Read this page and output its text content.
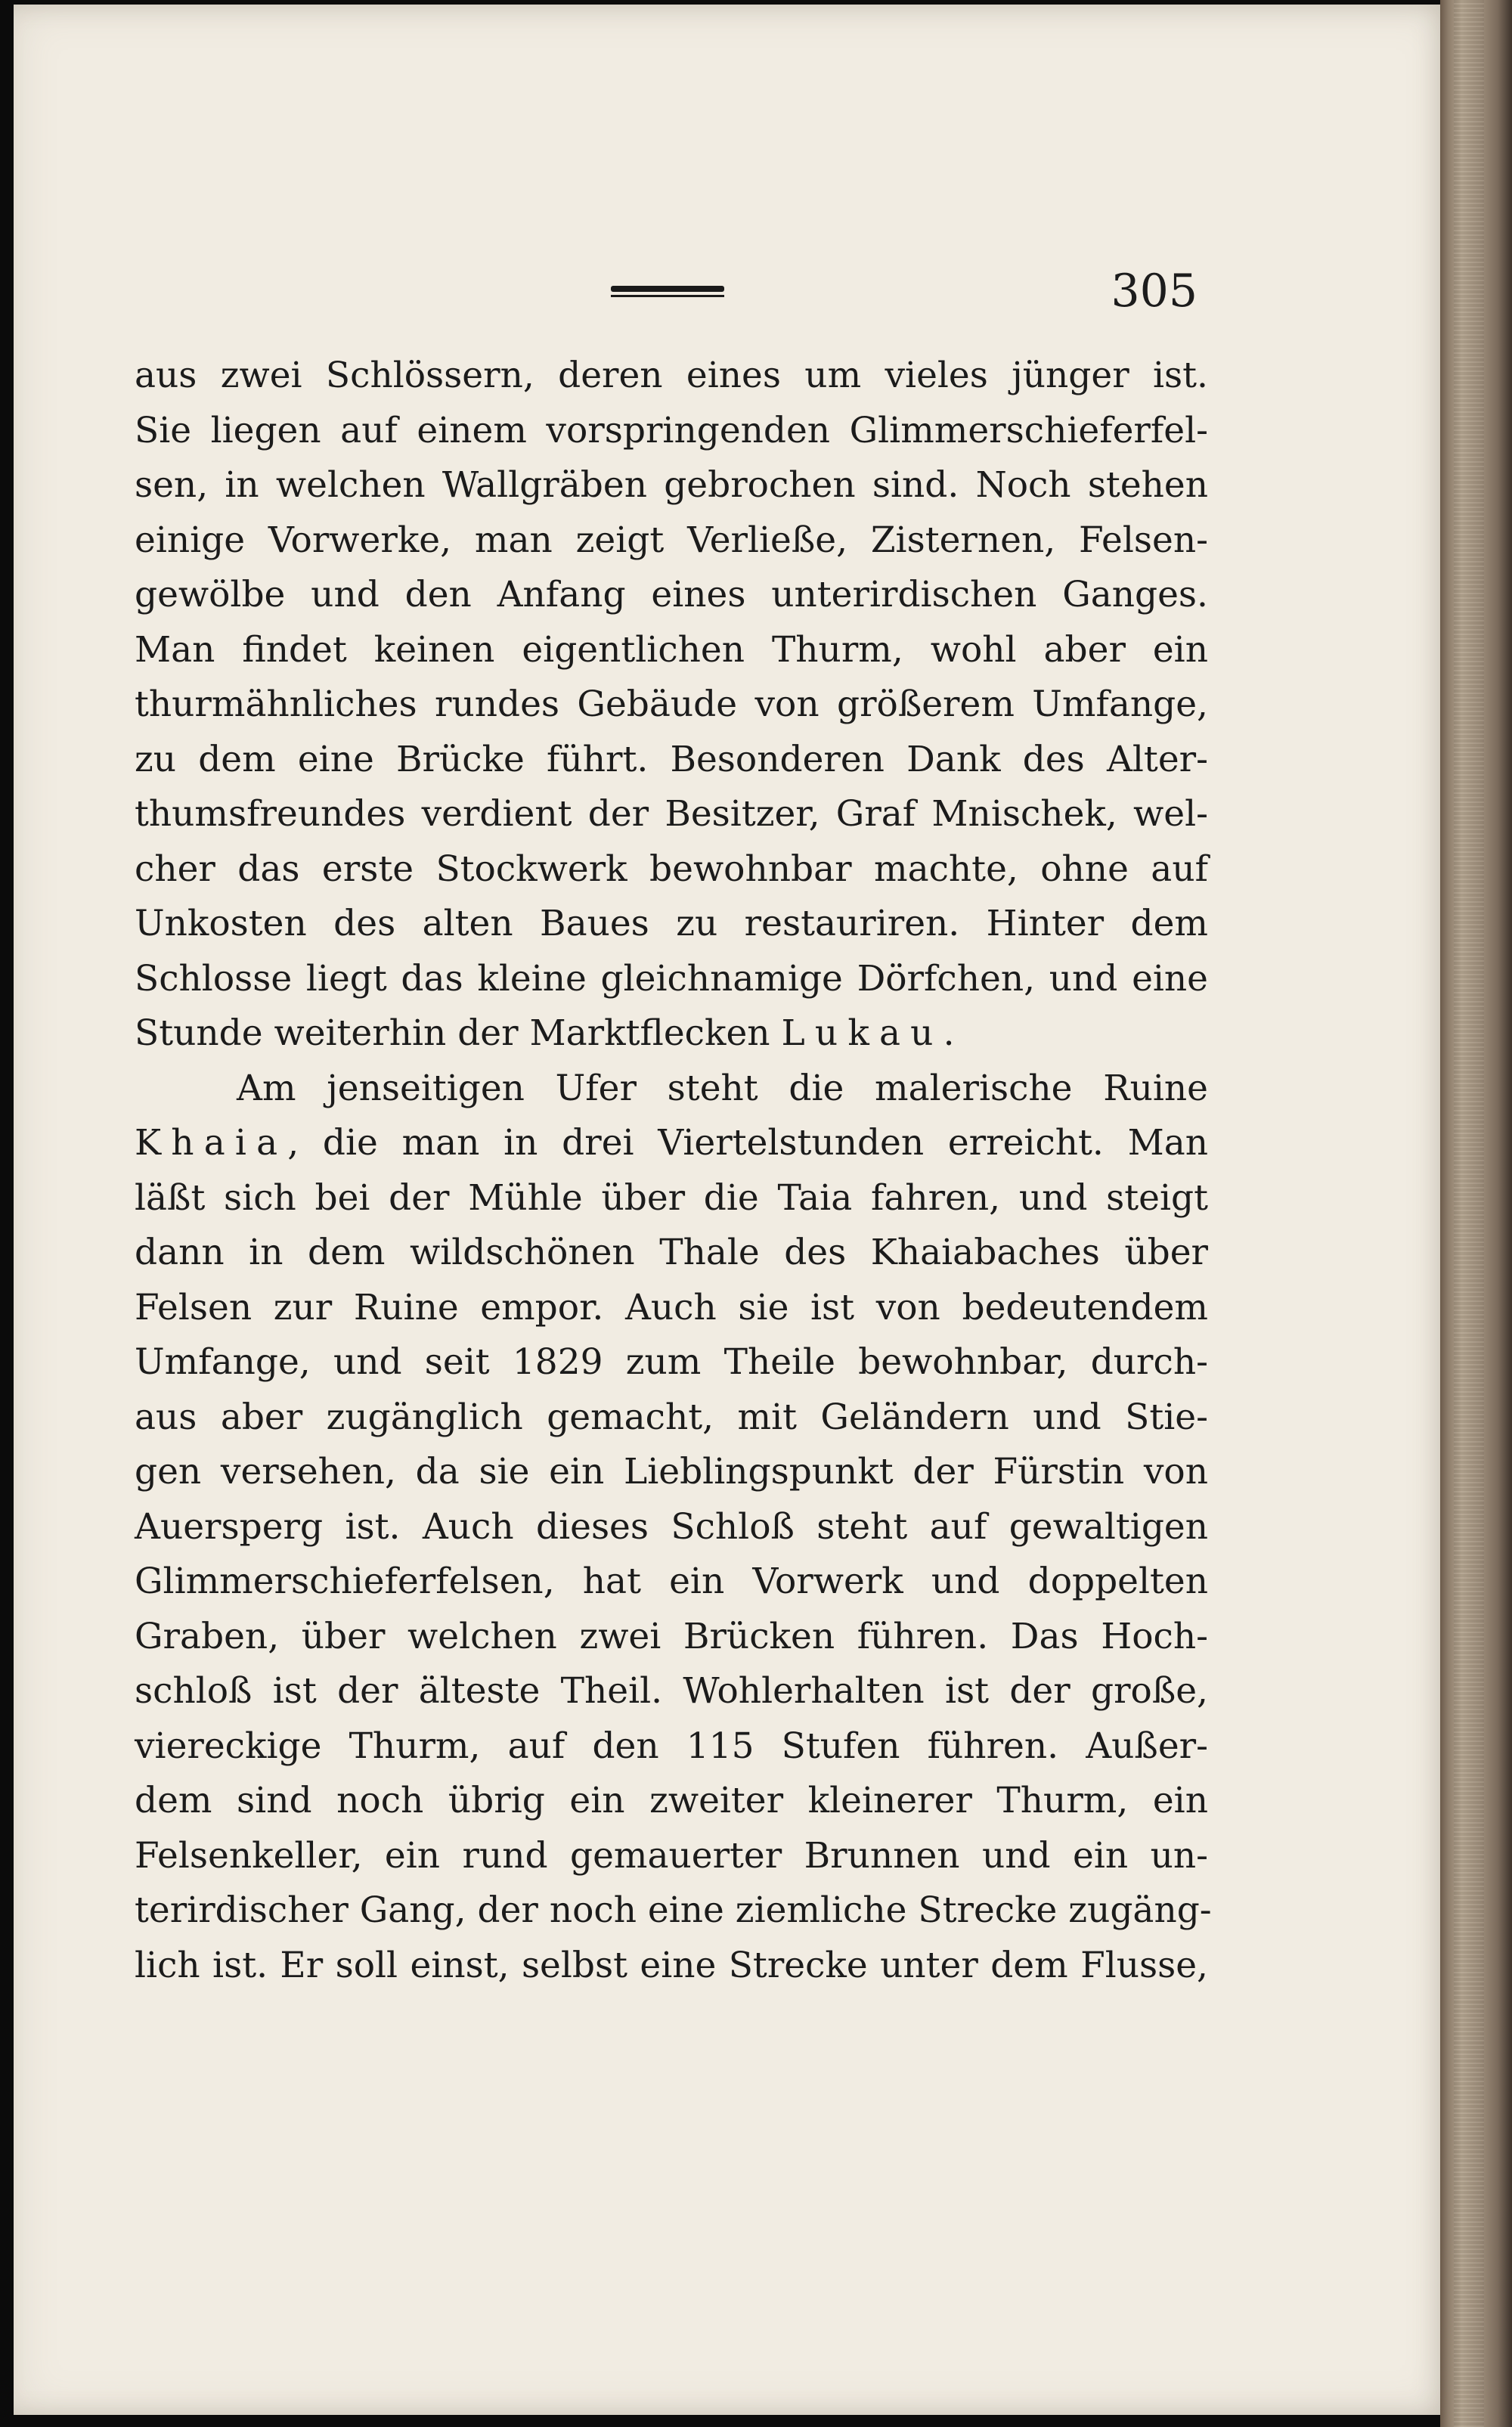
305
aus zwei Schlössern, deren eines um vieles jünger ist.
Sie liegen auf einem vorspringenden Glimmerschieferfel-
sen, in welchen Wallgräben gebrochen sind. Noch stehen
einige Vorwerke, man zeigt Verließe, Zisternen, Felsen-
gewölbe und den Anfang eines unterirdischen Ganges.
Man findet keinen eigentlichen Thurm, wohl aber ein
thurmähnliches rundes Gebäude von größerem Umfange,
zu dem eine Brücke führt. Besonderen Dank des Alter-
thumsfreundes verdient der Besitzer, Graf Mnischek, wel-
cher das erste Stockwerk bewohnbar machte, ohne auf
Unkosten des alten Baues zu restauriren. Hinter dem
Schlosse liegt das kleine gleichnamige Dörfchen, und eine
Stunde weiterhin der Marktflecken Lukau.
Am jenseitigen Ufer steht die malerische Ruine
Khaia, die man in drei Viertelstunden erreicht. Man
läßt sich bei der Mühle über die Taia fahren, und steigt
dann in dem wildschönen Thale des Khaiabaches über
Felsen zur Ruine empor. Auch sie ist von bedeutendem
Umfange, und seit 1829 zum Theile bewohnbar, durch-
aus aber zugänglich gemacht, mit Geländern und Stie-
gen versehen, da sie ein Lieblingspunkt der Fürstin von
Auersperg ist. Auch dieses Schloß steht auf gewaltigen
Glimmerschieferfelsen, hat ein Vorwerk und doppelten
Graben, über welchen zwei Brücken führen. Das Hoch-
schloß ist der älteste Theil. Wohlerhalten ist der große,
viereckige Thurm, auf den 115 Stufen führen. Außer-
dem sind noch übrig ein zweiter kleinerer Thurm, ein
Felsenkeller, ein rund gemauerter Brunnen und ein un-
terirdischer Gang, der noch eine ziemliche Strecke zugäng-
lich ist. Er soll einst, selbst eine Strecke unter dem Flusse,
